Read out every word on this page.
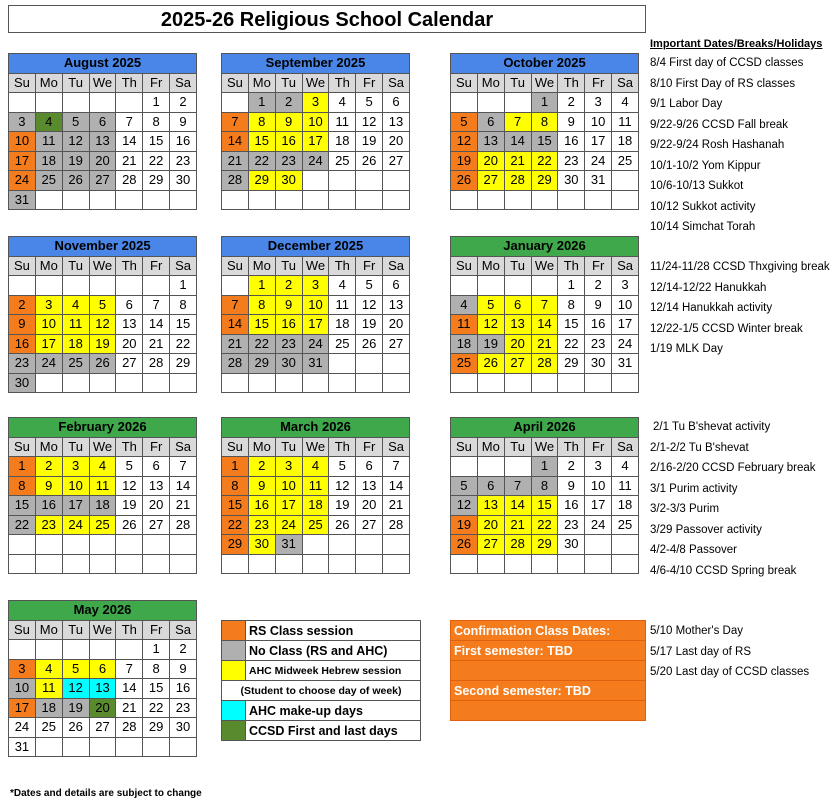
2025-26 Religious School Calendar
August 2025						
Su	Mo	Tu	We	Th	Fr	Sa
					1	2
3	4	5	6	7	8	9
10	11	12	13	14	15	16
17	18	19	20	21	22	23
24	25	26	27	28	29	30
31						
September 2025						
Su	Mo	Tu	We	Th	Fr	Sa
	1	2	3	4	5	6
7	8	9	10	11	12	13
14	15	16	17	18	19	20
21	22	23	24	25	26	27
28	29	30				

October 2025						
Su	Mo	Tu	We	Th	Fr	Sa
			1	2	3	4
5	6	7	8	9	10	11
12	13	14	15	16	17	18
19	20	21	22	23	24	25
26	27	28	29	30	31	

November 2025						
Su	Mo	Tu	We	Th	Fr	Sa
						1
2	3	4	5	6	7	8
9	10	11	12	13	14	15
16	17	18	19	20	21	22
23	24	25	26	27	28	29
30						
December 2025						
Su	Mo	Tu	We	Th	Fr	Sa
	1	2	3	4	5	6
7	8	9	10	11	12	13
14	15	16	17	18	19	20
21	22	23	24	25	26	27
28	29	30	31			

January 2026						
Su	Mo	Tu	We	Th	Fr	Sa
				1	2	3
4	5	6	7	8	9	10
11	12	13	14	15	16	17
18	19	20	21	22	23	24
25	26	27	28	29	30	31

February 2026						
Su	Mo	Tu	We	Th	Fr	Sa
1	2	3	4	5	6	7
8	9	10	11	12	13	14
15	16	17	18	19	20	21
22	23	24	25	26	27	28

March 2026						
Su	Mo	Tu	We	Th	Fr	Sa
1	2	3	4	5	6	7
8	9	10	11	12	13	14
15	16	17	18	19	20	21
22	23	24	25	26	27	28
29	30	31				

April 2026						
Su	Mo	Tu	We	Th	Fr	Sa
			1	2	3	4
5	6	7	8	9	10	11
12	13	14	15	16	17	18
19	20	21	22	23	24	25
26	27	28	29	30		

May 2026						
Su	Mo	Tu	We	Th	Fr	Sa
					1	2
3	4	5	6	7	8	9
10	11	12	13	14	15	16
17	18	19	20	21	22	23
24	25	26	27	28	29	30
31						
Important Dates/Breaks/Holidays
8/4 First day of CCSD classes
8/10 First Day of RS classes
9/1 Labor Day
9/22-9/26 CCSD Fall break
9/22-9/24 Rosh Hashanah
10/1-10/2 Yom Kippur
10/6-10/13 Sukkot
10/12 Sukkot activity
10/14 Simchat Torah
11/24-11/28 CCSD Thxgiving break
12/14-12/22 Hanukkah
12/14 Hanukkah activity
12/22-1/5 CCSD Winter break
1/19 MLK Day
2/1 Tu B'shevat activity
2/1-2/2 Tu B'shevat
2/16-2/20 CCSD February break
3/1 Purim activity
3/2-3/3 Purim
3/29 Passover activity
4/2-4/8 Passover
4/6-4/10 CCSD Spring break
5/10 Mother's Day
5/17 Last day of RS
5/20 Last day of CCSD classes
	RS Class session
	No Class (RS and AHC)
	AHC Midweek Hebrew session
(Student to choose day of week)	
	AHC make-up days
	CCSD First and last days
Confirmation Class Dates:
First semester: TBD

Second semester: TBD

*Dates and details are subject to change
